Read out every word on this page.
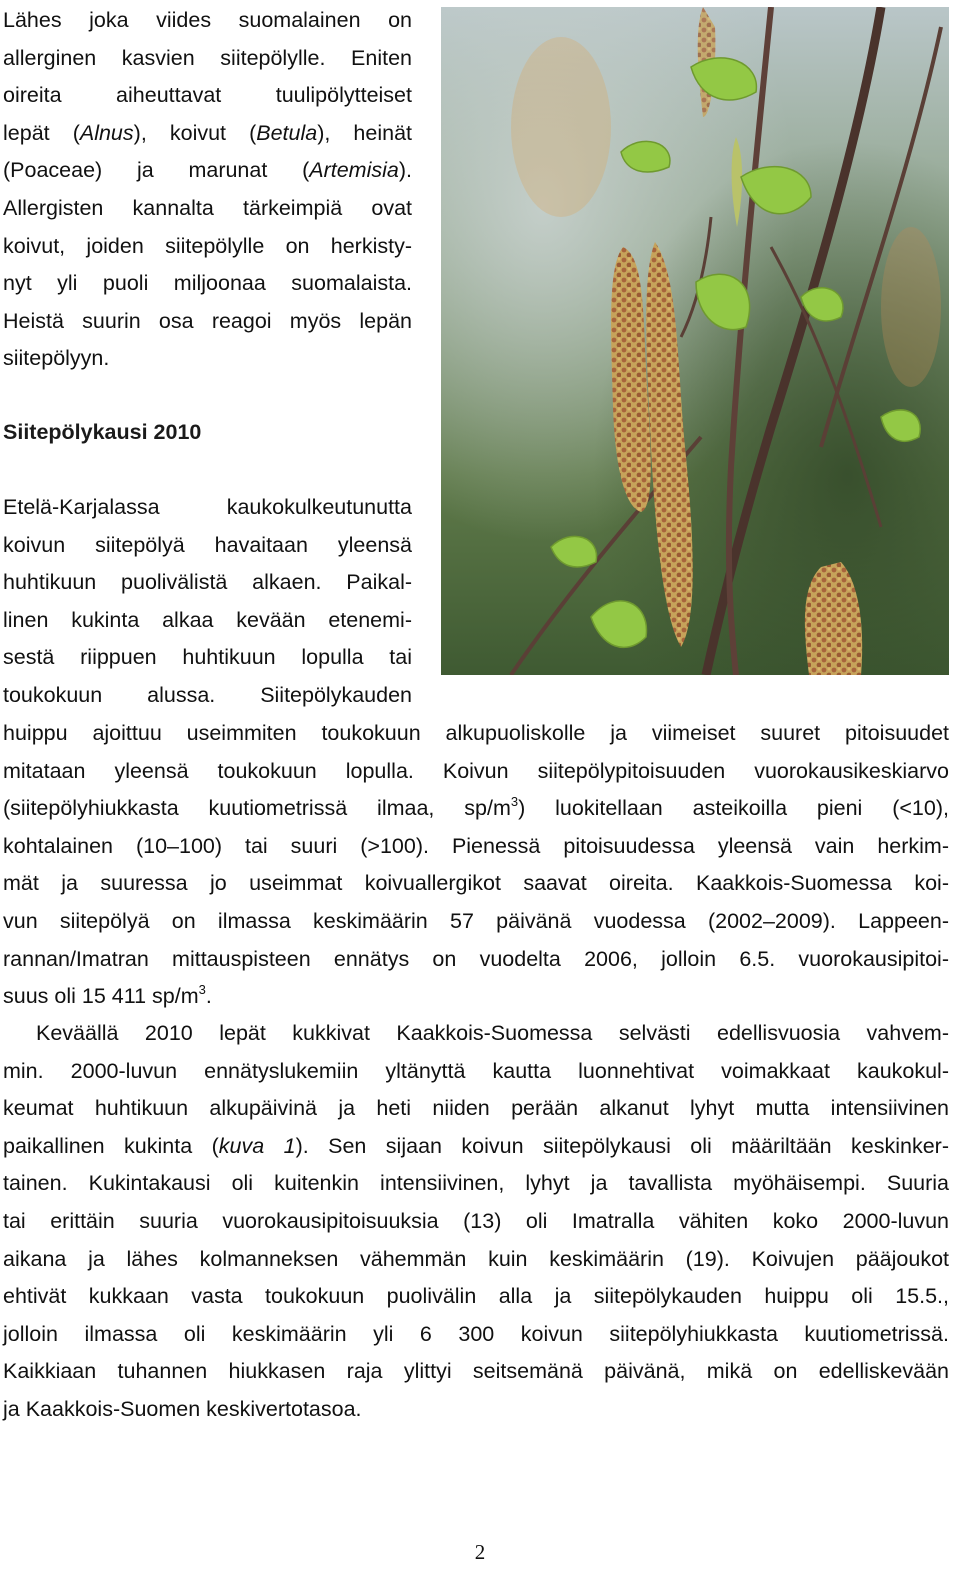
Lähes joka viides suomalainen on
allerginen kasvien siitepölylle. Eniten
oireita aiheuttavat tuulipölytteiset
lepät (Alnus), koivut (Betula), heinät
(Poaceae) ja marunat (Artemisia).
Allergisten kannalta tärkeimpiä ovat
koivut, joiden siitepölylle on herkisty-
nyt yli puoli miljoonaa suomalaista.
Heistä suurin osa reagoi myös lepän
siitepölyyn.
Siitepölykausi 2010
Etelä-Karjalassa kaukokulkeutunutta
koivun siitepölyä havaitaan yleensä
huhtikuun puolivälistä alkaen. Paikal-
linen kukinta alkaa kevään etenemi-
sestä riippuen huhtikuun lopulla tai
toukokuun alussa. Siitepölykauden
huippu ajoittuu useimmiten toukokuun alkupuoliskolle ja viimeiset suuret pitoisuudet
mitataan yleensä toukokuun lopulla. Koivun siitepölypitoisuuden vuorokausikeskiarvo
(siitepölyhiukkasta kuutiometrissä ilmaa, $sp/m^3$) luokitellaan asteikoilla pieni (<10),
kohtalainen (10–100) tai suuri (>100). Pienessä pitoisuudessa yleensä vain herkim-
mät ja suuressa jo useimmat koivuallergikot saavat oireita. Kaakkois-Suomessa koi-
vun siitepölyä on ilmassa keskimäärin 57 päivänä vuodessa (2002–2009). Lappeen-
rannan/Imatran mittauspisteen ennätys on vuodelta 2006, jolloin 6.5. vuorokausipitoi-
suus oli 15 411 $sp/m^3$.
Keväällä 2010 lepät kukkivat Kaakkois-Suomessa selvästi edellisvuosia vahvem-
min. 2000-luvun ennätyslukemiin yltänyttä kautta luonnehtivat voimakkaat kaukokul-
keumat huhtikuun alkupäivinä ja heti niiden perään alkanut lyhyt mutta intensiivinen
paikallinen kukinta (kuva 1). Sen sijaan koivun siitepölykausi oli määriltään keskinker-
tainen. Kukintakausi oli kuitenkin intensiivinen, lyhyt ja tavallista myöhäisempi. Suuria
tai erittäin suuria vuorokausipitoisuuksia (13) oli Imatralla vähiten koko 2000-luvun
aikana ja lähes kolmanneksen vähemmän kuin keskimäärin (19). Koivujen pääjoukot
ehtivät kukkaan vasta toukokuun puolivälin alla ja siitepölykauden huippu oli 15.5.,
jolloin ilmassa oli keskimäärin yli 6 300 koivun siitepölyhiukkasta kuutiometrissä.
Kaikkiaan tuhannen hiukkasen raja ylittyi seitsemänä päivänä, mikä on edelliskevään
ja Kaakkois-Suomen keskivertotasoa.
2
